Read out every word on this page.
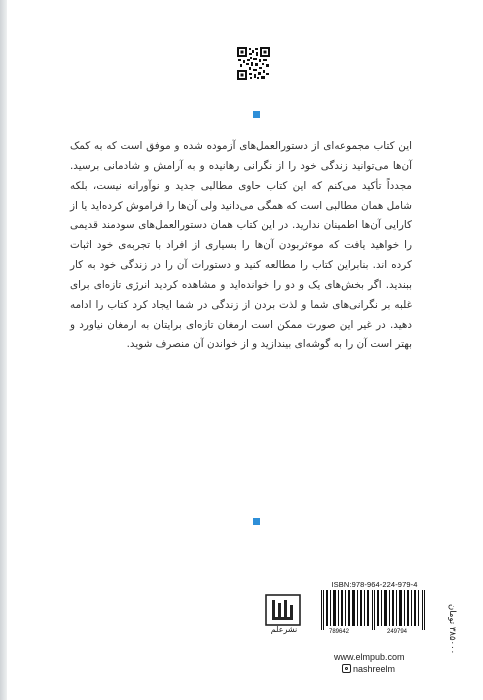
این کتاب مجموعه‌ای از دستورالعمل‌های آزموده شده و موفق است که به کمک آن‌ها می‌توانید زندگی خود را از نگرانی رهانیده و به آرامش و شادمانی برسید. مجدداً تأکید می‌کنم که این کتاب حاوی مطالبی جدید و نوآورانه نیست، بلکه شامل همان مطالبی است که همگی می‌دانید ولی آن‌ها را فراموش کرده‌اید یا از کارایی آن‌ها اطمینان ندارید. در این کتاب همان دستورالعمل‌های سودمند قدیمی را خواهید یافت که موءثربودن آن‌ها را بسیاری از افراد با تجربه‌ی خود اثبات کرده اند. بنابراین کتاب را مطالعه کنید و دستورات آن را در زندگی خود به کار ببندید. اگر بخش‌های یک و دو را خوانده‌اید و مشاهده کردید انرژی تازه‌ای برای غلبه بر نگرانی‌های شما و لذت بردن از زندگی در شما ایجاد کرد کتاب را ادامه دهید. در غیر این صورت ممکن است ارمغان تازه‌ای برایتان به ارمغان نیاورد و بهتر است آن را به گوشه‌ای بیندازید و از خواندن آن منصرف شوید.
نشرعلم
ISBN:978-964-224-979-4
789642	249794
۳۸۵۰۰۰ تومان
www.elmpub.com
nashreelm
